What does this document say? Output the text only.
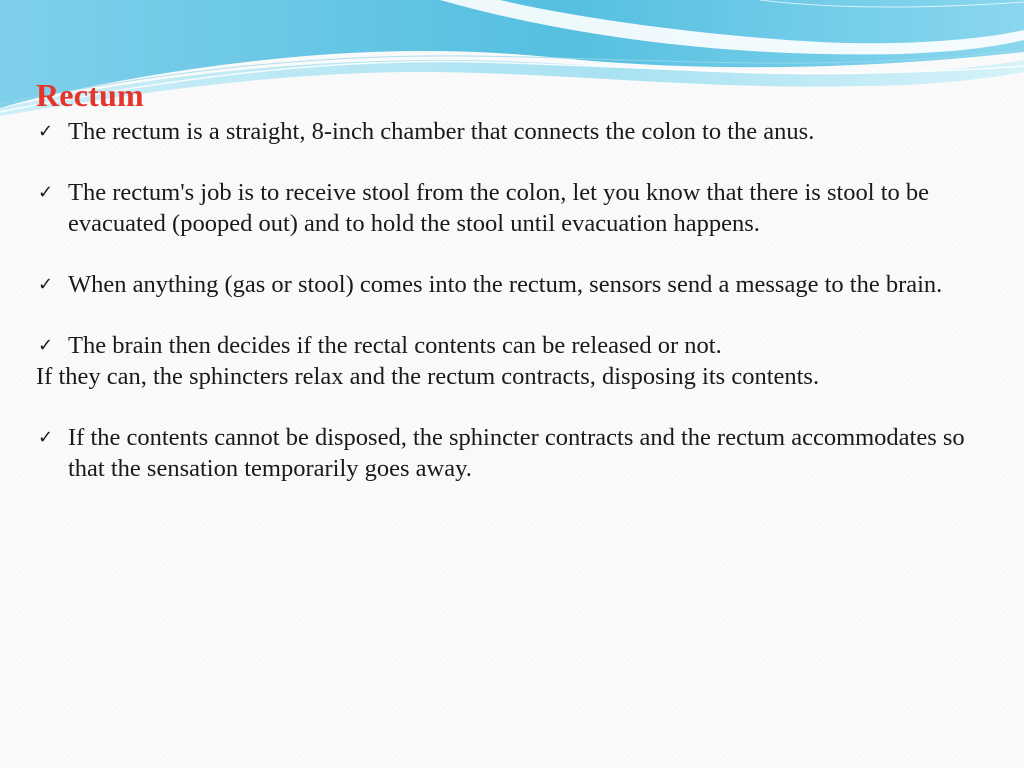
Rectum

✓ The rectum is a straight, 8-inch chamber that connects the colon to the anus.

✓ The rectum's job is to receive stool from the colon, let you know that there is stool to be evacuated (pooped out) and to hold the stool until evacuation happens.

✓ When anything (gas or stool) comes into the rectum, sensors send a message to the brain.

✓ The brain then decides if the rectal contents can be released or not.

If they can, the sphincters relax and the rectum contracts, disposing its contents.

✓ If the contents cannot be disposed, the sphincter contracts and the rectum accommodates so that the sensation temporarily goes away.
